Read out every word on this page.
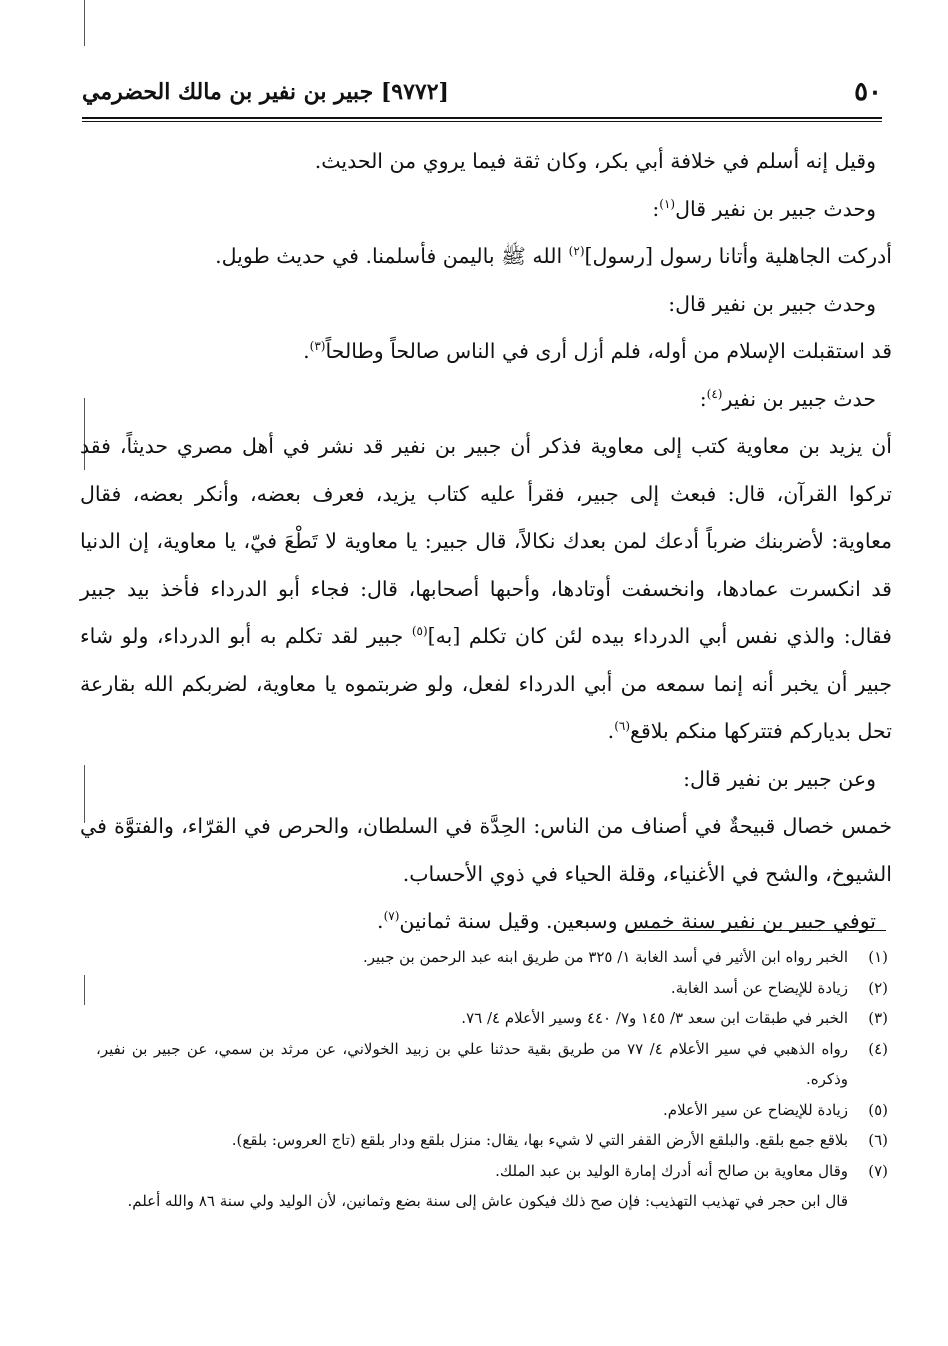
٥٠
[٩٧٧٢] جبير بن نفير بن مالك الحضرمي

وقيل إنه أسلم في خلافة أبي بكر، وكان ثقة فيما يروي من الحديث.

وحدث جبير بن نفير قال$^{(١)}$:

أدركت الجاهلية وأتانا رسول [رسول]$^{(٢)}$ الله ﷺ باليمن فأسلمنا. في حديث طويل.

وحدث جبير بن نفير قال:

قد استقبلت الإسلام من أوله، فلم أزل أرى في الناس صالحاً وطالحاً$^{(٣)}$.

حدث جبير بن نفير$^{(٤)}$:

أن يزيد بن معاوية كتب إلى معاوية فذكر أن جبير بن نفير قد نشر في أهل مصري حديثاً، فقد تركوا القرآن، قال: فبعث إلى جبير، فقرأ عليه كتاب يزيد، فعرف بعضه، وأنكر بعضه، فقال معاوية: لأضربنك ضرباً أدعك لمن بعدك نكالاً، قال جبير: يا معاوية لا تَطْعَ فيّ، يا معاوية، إن الدنيا قد انكسرت عمادها، وانخسفت أوتادها، وأحبها أصحابها، قال: فجاء أبو الدرداء فأخذ بيد جبير فقال: والذي نفس أبي الدرداء بيده لئن كان تكلم [به]$^{(٥)}$ جبير لقد تكلم به أبو الدرداء، ولو شاء جبير أن يخبر أنه إنما سمعه من أبي الدرداء لفعل، ولو ضربتموه يا معاوية، لضربكم الله بقارعة تحل بدياركم فتتركها منكم بلاقع$^{(٦)}$.

وعن جبير بن نفير قال:

خمس خصال قبيحةٌ في أصناف من الناس: الحِدَّة في السلطان، والحرص في القرّاء، والفتوَّة في الشيوخ، والشح في الأغنياء، وقلة الحياء في ذوي الأحساب.

توفي جبير بن نفير سنة خمس وسبعين. وقيل سنة ثمانين$^{(٧)}$.

(١)
الخبر رواه ابن الأثير في أسد الغابة ١/ ٣٢٥ من طريق ابنه عبد الرحمن بن جبير.
(٢)
زيادة للإيضاح عن أسد الغابة.
(٣)
الخبر في طبقات ابن سعد ٣/ ١٤٥ و٧/ ٤٤٠ وسير الأعلام ٤/ ٧٦.
(٤)
رواه الذهبي في سير الأعلام ٤/ ٧٧ من طريق بقية حدثنا علي بن زبيد الخولاني، عن مرثد بن سمي، عن جبير بن نفير، وذكره.
(٥)
زيادة للإيضاح عن سير الأعلام.
(٦)
بلاقع جمع بلقع. والبلقع الأرض القفر التي لا شيء بها، يقال: منزل بلقع ودار بلقع (تاج العروس: بلقع).
(٧)
وقال معاوية بن صالح أنه أدرك إمارة الوليد بن عبد الملك.
قال ابن حجر في تهذيب التهذيب: فإن صح ذلك فيكون عاش إلى سنة بضع وثمانين، لأن الوليد ولي سنة ٨٦ والله أعلم.
